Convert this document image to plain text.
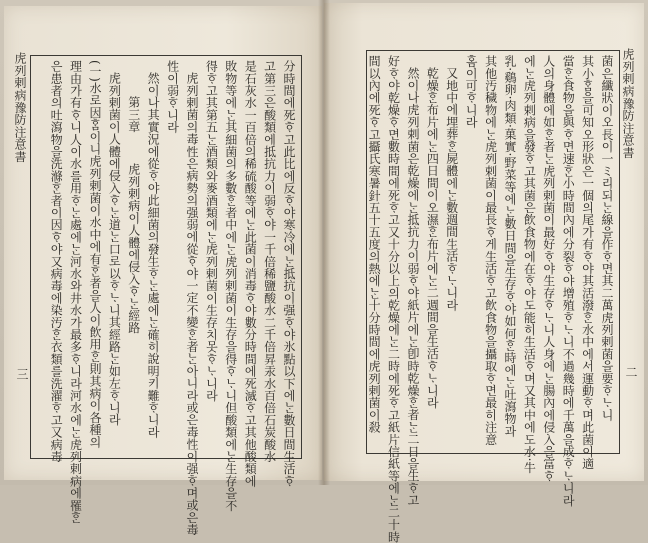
虎列剌病豫防注意書
三
虎列剌病豫防注意書
二
菌은纖狀이오長이一ミ리되ᄂᆞᆫ線을作ᄒᆞ면其二萬虎列剌菌을要ᄒᆞᄂᆞ니
其小ᄒᆞᆷ을可知오形狀은一個의尾가有ᄒᆞ야其活潑ᄒᆞᆫ水中에서運動ᄒᆞ며此菌이適
當ᄒᆞᆫ食物을與ᄒᆞ면速ᄒᆞᆫ小時間內에分裂ᄒᆞ야增殖ᄒᆞᄂᆞ니不過幾時에千萬을成ᄒᆞᄂᆞ니라
人의身體에如ᄒᆞᆫ者ᄂᆞᆫ虎列剌菌이最好ᄒᆞ야生存ᄒᆞᄂᆞ니人身에ᄂᆞᆫ腸內에侵入을富ᄒᆞ
에ᄂᆞᆫ虎列剌病을發ᄒᆞ고其菌은飲食物에在ᄒᆞ야도能히生活ᄒᆞ며又其中에도水·牛
乳·鷄卵·肉類·菓實·野菜等에ᄂᆞᆫ數日間을生存ᄒᆞ야如何ᄒᆞᆫ時에ᄂᆞᆫ吐瀉物과
其他汚穢物에ᄂᆞᆫ虎列剌菌이最長ᄒᆞ게生活ᄒᆞ고飲食物을攝取ᄒᆞ면最히注意
홈이可ᄒᆞ니라
又地中에埋葬ᄒᆞᆫ屍體에ᄂᆞᆫ數週間生活ᄒᆞᄂᆞ니라
乾燥ᄒᆞᆫ布片에ᄂᆞᆫ四日間이오濕ᄒᆞᆫ布片에ᄂᆞᆫ二週間을生活ᄒᆞᄂᆞ니라
然이나虎列剌菌은乾燥에ᄂᆞᆫ抵抗力이弱ᄒᆞ야紙片에ᄂᆞᆫ卽時乾燥ᄒᆞᆫ者ᄂᆞᆫ二日을生ᄒᆞ고
好ᄒᆞ야乾燥ᄒᆞ면數時間에死ᄒᆞ고又十分以上의乾燥에ᄂᆞᆫ二時에死ᄒᆞ고紙片信紙等에ᄂᆞᆫ二十時
間以內에死ᄒᆞ고攝氏寒暑針五十五度의熱에ᄂᆞᆫ十分時間에虎列剌菌이殺
分時間에死ᄒᆞ고此比에反ᄒᆞ야寒冷에ᄂᆞᆫ抵抗이强ᄒᆞ야氷點以下에ᄂᆞᆫ數日間生活ᄒᆞ
고第三은酸類에抵抗力이弱ᄒᆞ야一千倍稀鹽酸水二千倍昇汞水百倍石炭酸水
是石灰水一百倍의稀硫酸等에ᄂᆞᆫ此菌이消毒ᄒᆞ야數分時間에死滅ᄒᆞ고其他酸類에
敗物等에ᄂᆞᆫ其細菌의多數ᄒᆞᆫ者中에ᄂᆞᆫ虎列剌菌이生存을得ᄒᆞᄂᆞ니但酸類에ᄂᆞᆫ生存을不
得ᄒᆞ고其第五ᄂᆞᆫ酒類와麥酒類에ᄂᆞᆫ虎列剌菌이生存치못ᄒᆞᄂᆞ니라
虎列剌菌의毒性은病勢의强弱에從ᄒᆞ야一定不變ᄒᆞᆫ者ᄂᆞᆫ아니라或은毒性이强ᄒᆞ며或은毒
性이弱ᄒᆞ니라
然이나其實況에從ᄒᆞ야此細菌의發生ᄒᆞᄂᆞᆫ處에ᄂᆞᆫ確히說明키難ᄒᆞ니라
第三章虎列剌病이人體에侵入ᄒᆞᄂᆞᆫ經路
虎列剌菌이人體에侵入ᄒᆞᄂᆞᆫ道ᄂᆞᆫ口로以ᄒᆞᄂᆞ니其經路ᄂᆞᆫ如左ᄒᆞ니라
(一)水로因ᄒᆞᆷ이니虎列剌菌이水中에有ᄒᆞᆫ者을人이飲用ᄒᆞᆫ則其病이各種의
理由가有ᄒᆞ니人이水를用ᄒᆞᄂᆞᆫ處에ᄂᆞᆫ河水와井水가最多ᄒᆞ니라河水에ᄂᆞᆫ虎列剌病에罹ᄒᆞᆫ
은患者의吐瀉物을洗滌ᄒᆞᆫ者이因ᄒᆞ야又病毒에染汚ᄒᆞᆫ衣類를洗濯ᄒᆞ고又病毒
